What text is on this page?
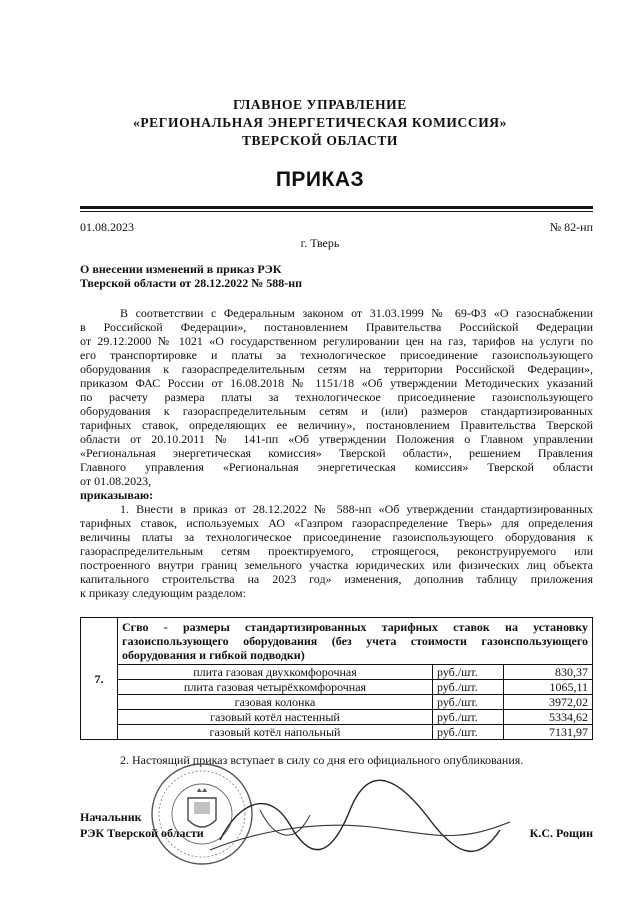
ГЛАВНОЕ УПРАВЛЕНИЕ
«РЕГИОНАЛЬНАЯ ЭНЕРГЕТИЧЕСКАЯ КОМИССИЯ»
ТВЕРСКОЙ ОБЛАСТИ
ПРИКАЗ
01.08.2023	№ 82-нп
г. Тверь
О внесении изменений в приказ РЭК
Тверской области от 28.12.2022 № 588-нп
В соответствии с Федеральным законом от 31.03.1999 № 69-ФЗ «О газоснабжении
в Российской Федерации», постановлением Правительства Российской Федерации
от 29.12.2000 № 1021 «О государственном регулировании цен на газ, тарифов на услуги по
его транспортировке и платы за технологическое присоединение газоиспользующего
оборудования к газораспределительным сетям на территории Российской Федерации»,
приказом ФАС России от 16.08.2018 № 1151/18 «Об утверждении Методических указаний
по расчету размера платы за технологическое присоединение газоиспользующего
оборудования к газораспределительным сетям и (или) размеров стандартизированных
тарифных ставок, определяющих ее величину», постановлением Правительства Тверской
области от 20.10.2011 № 141-пп «Об утверждении Положения о Главном управлении
«Региональная энергетическая комиссия» Тверской области», решением Правления
Главного управления «Региональная энергетическая комиссия» Тверской области
от 01.08.2023,
приказываю:
1. Внести в приказ от 28.12.2022 № 588-нп «Об утверждении стандартизированных
тарифных ставок, используемых АО «Газпром газораспределение Тверь» для определения
величины платы за технологическое присоединение газоиспользующего оборудования к
газораспределительным сетям проектируемого, строящегося, реконструируемого или
построенного внутри границ земельного участка юридических или физических лиц объекта
капитального строительства на 2023 год» изменения, дополнив таблицу приложения
к приказу следующим разделом:
7.	Cгво - размеры стандартизированных тарифных ставок на установку
газоиспользующего оборудования (без учета стоимости газоиспользующего
оборудования и гибкой подводки)		

	плита газовая двухкомфорочная	руб./шт.	830,37
	плита газовая четырёхкомфорочная	руб./шт.	1065,11
	газовая колонка	руб./шт.	3972,02
	газовый котёл настенный	руб./шт.	5334,62
	газовый котёл напольный	руб./шт.	7131,97
2. Настоящий приказ вступает в силу со дня его официального опубликования.
Начальник
РЭК Тверской области	К.С. Рощин
